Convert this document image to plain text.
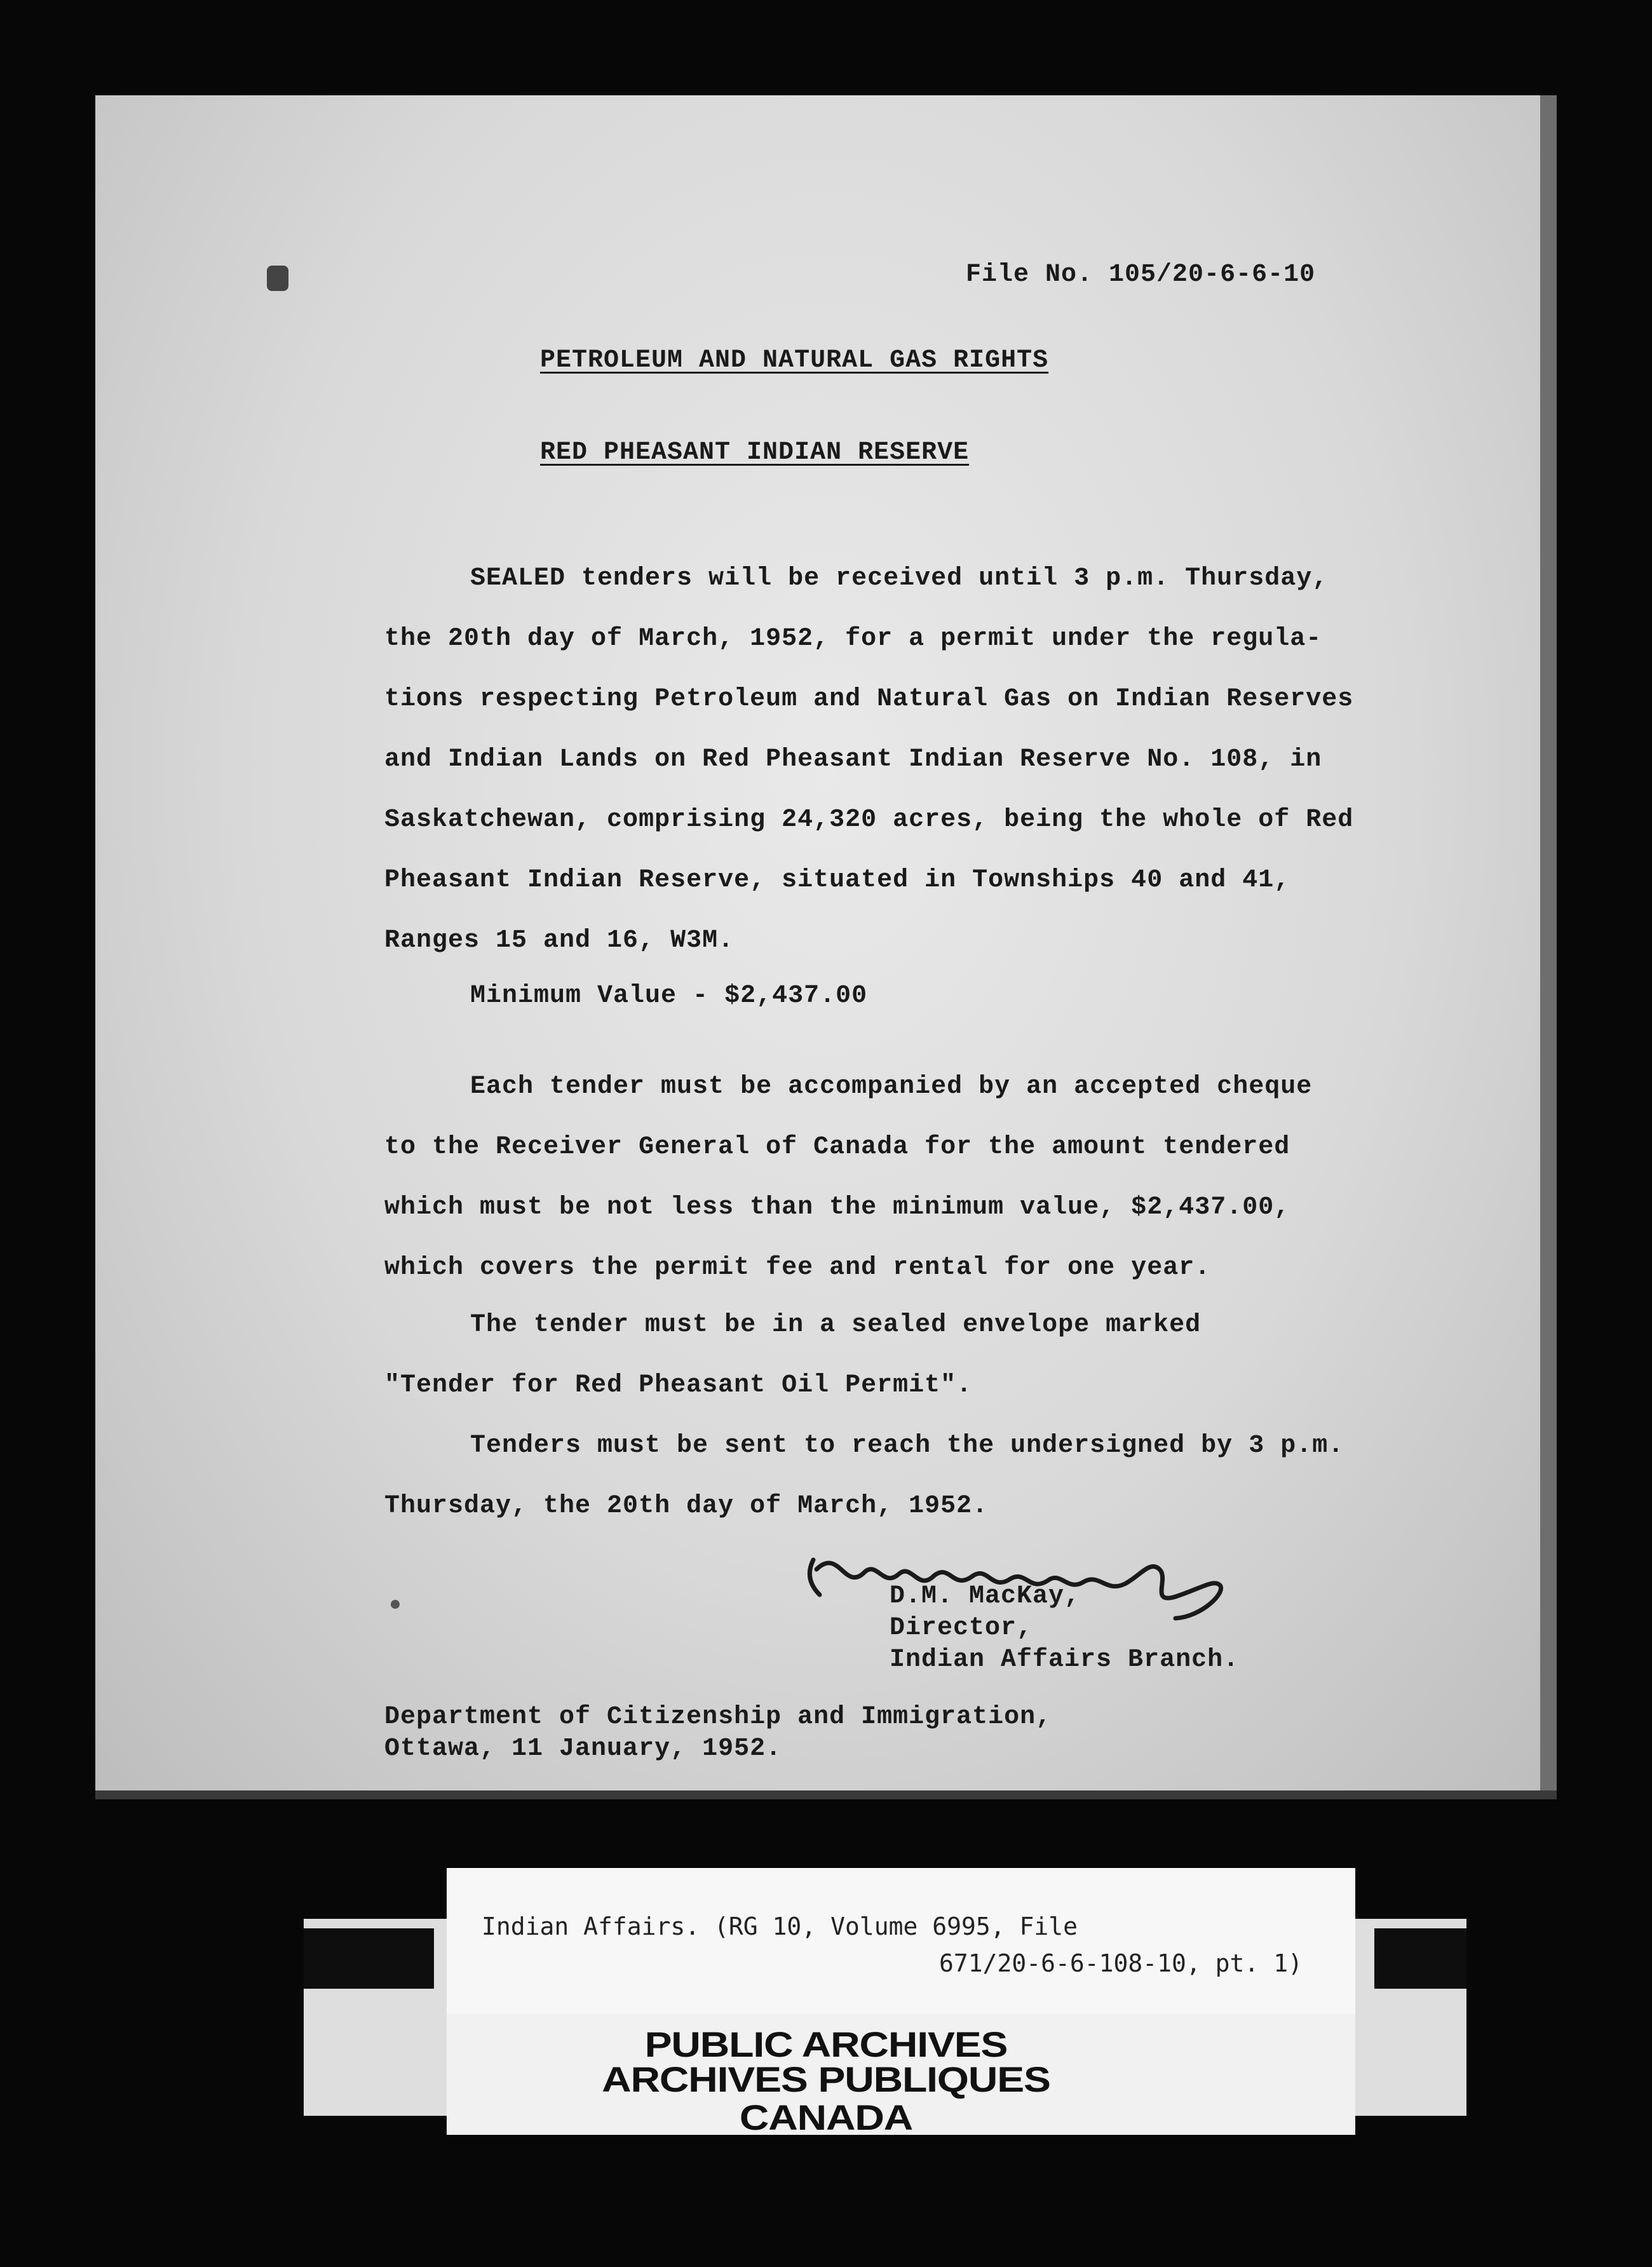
File No. 105/20-6-6-10
PETROLEUM AND NATURAL GAS RIGHTS
RED PHEASANT INDIAN RESERVE
SEALED tenders will be received until 3 p.m. Thursday,
the 20th day of March, 1952, for a permit under the regula-
tions respecting Petroleum and Natural Gas on Indian Reserves
and Indian Lands on Red Pheasant Indian Reserve No. 108, in
Saskatchewan, comprising 24,320 acres, being the whole of Red
Pheasant Indian Reserve, situated in Townships 40 and 41,
Ranges 15 and 16, W3M.
Minimum Value - $2,437.00
Each tender must be accompanied by an accepted cheque
to the Receiver General of Canada for the amount tendered
which must be not less than the minimum value, $2,437.00,
which covers the permit fee and rental for one year.
The tender must be in a sealed envelope marked
"Tender for Red Pheasant Oil Permit".
Tenders must be sent to reach the undersigned by 3 p.m.
Thursday, the 20th day of March, 1952.
D.M. MacKay,
Director,
Indian Affairs Branch.
Department of Citizenship and Immigration,
Ottawa, 11 January, 1952.
Indian Affairs. (RG 10, Volume 6995, File
671/20-6-6-108-10, pt. 1)
PUBLIC ARCHIVES
ARCHIVES PUBLIQUES
CANADA
